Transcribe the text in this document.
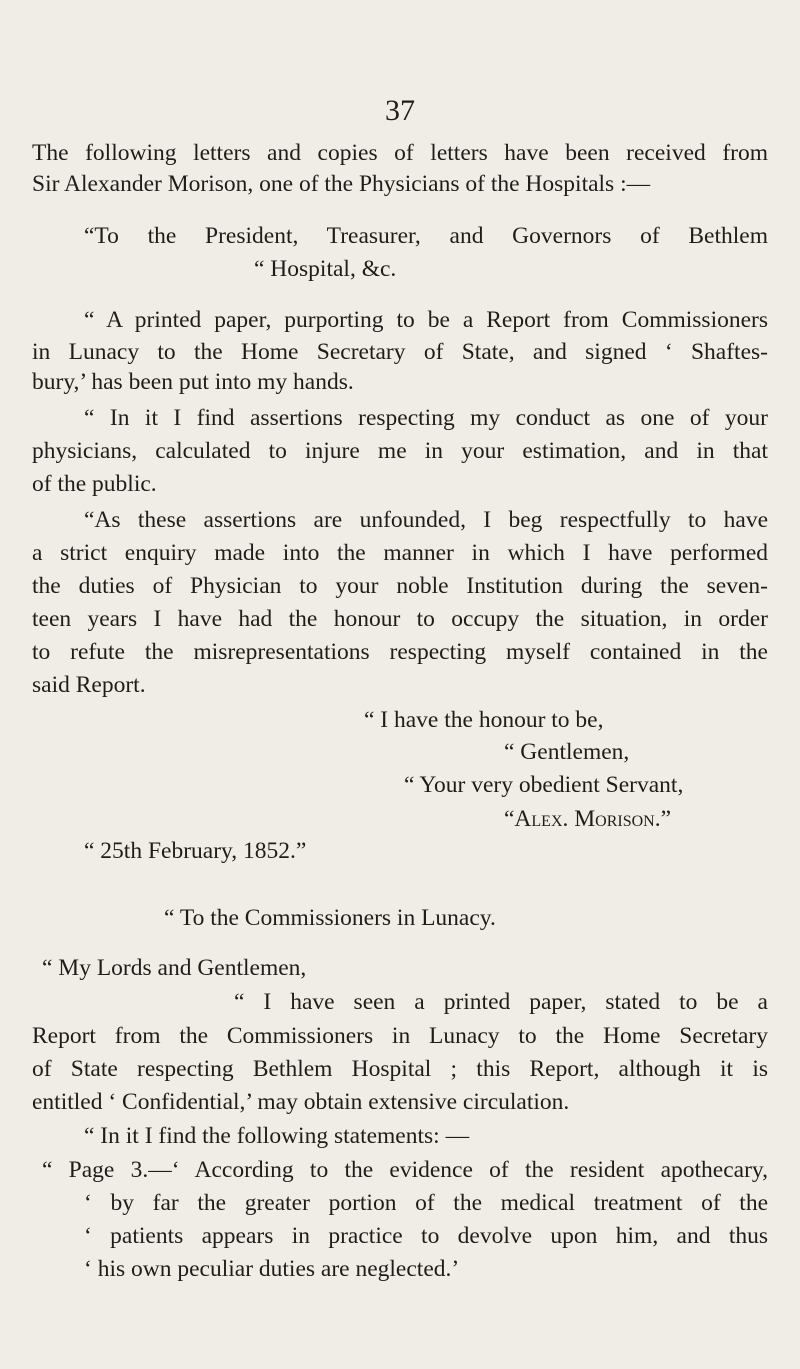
37
The following letters and copies of letters have been received from
Sir Alexander Morison, one of the Physicians of the Hospitals :—
“To the President, Treasurer, and Governors of Bethlem
“ Hospital, &c.
“ A printed paper, purporting to be a Report from Commissioners
in Lunacy to the Home Secretary of State, and signed ‘ Shaftes-
bury,’ has been put into my hands.
“ In it I find assertions respecting my conduct as one of your
physicians, calculated to injure me in your estimation, and in that
of the public.
“As these assertions are unfounded, I beg respectfully to have
a strict enquiry made into the manner in which I have performed
the duties of Physician to your noble Institution during the seven-
teen years I have had the honour to occupy the situation, in order
to refute the misrepresentations respecting myself contained in the
said Report.
“ I have the honour to be,
“ Gentlemen,
“ Your very obedient Servant,
“Alex. Morison.”
“ 25th February, 1852.”
“ To the Commissioners in Lunacy.
“ My Lords and Gentlemen,
“ I have seen a printed paper, stated to be a
Report from the Commissioners in Lunacy to the Home Secretary
of State respecting Bethlem Hospital ; this Report, although it is
entitled ‘ Confidential,’ may obtain extensive circulation.
“ In it I find the following statements: —
“ Page 3.—‘ According to the evidence of the resident apothecary,
‘ by far the greater portion of the medical treatment of the
‘ patients appears in practice to devolve upon him, and thus
‘ his own peculiar duties are neglected.’
